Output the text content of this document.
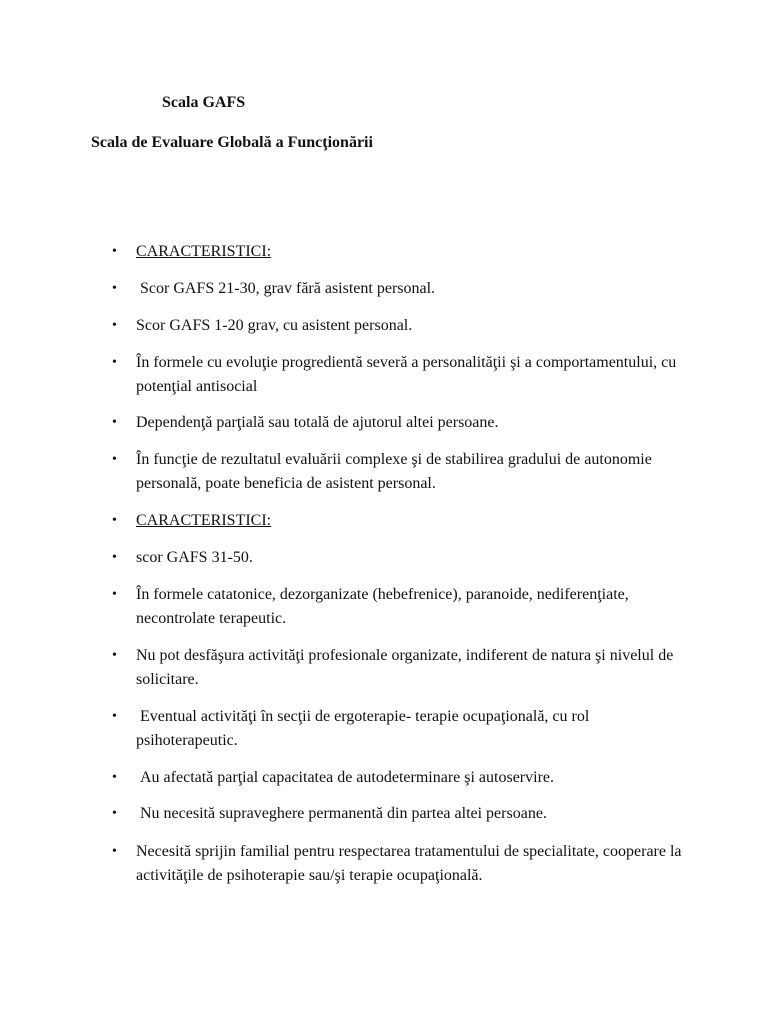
Scala GAFS
Scala de Evaluare Globală a Funcţionării
• CARACTERISTICI:
• Scor GAFS 21-30, grav fără asistent personal.
• Scor GAFS 1-20 grav, cu asistent personal.
• În formele cu evoluţie progredientă severă a personalităţii şi a comportamentului, cu potenţial antisocial
• Dependenţă parţială sau totală de ajutorul altei persoane.
• În funcţie de rezultatul evaluării complexe şi de stabilirea gradului de autonomie personală, poate beneficia de asistent personal.
• CARACTERISTICI:
• scor GAFS 31-50.
• În formele catatonice, dezorganizate (hebefrenice), paranoide, nediferenţiate, necontrolate terapeutic.
• Nu pot desfăşura activităţi profesionale organizate, indiferent de natura şi nivelul de solicitare.
• Eventual activităţi în secţii de ergoterapie- terapie ocupaţională, cu rol psihoterapeutic.
• Au afectată parţial capacitatea de autodeterminare şi autoservire.
• Nu necesită supraveghere permanentă din partea altei persoane.
• Necesită sprijin familial pentru respectarea tratamentului de specialitate, cooperare la activităţile de psihoterapie sau/şi terapie ocupaţională.
